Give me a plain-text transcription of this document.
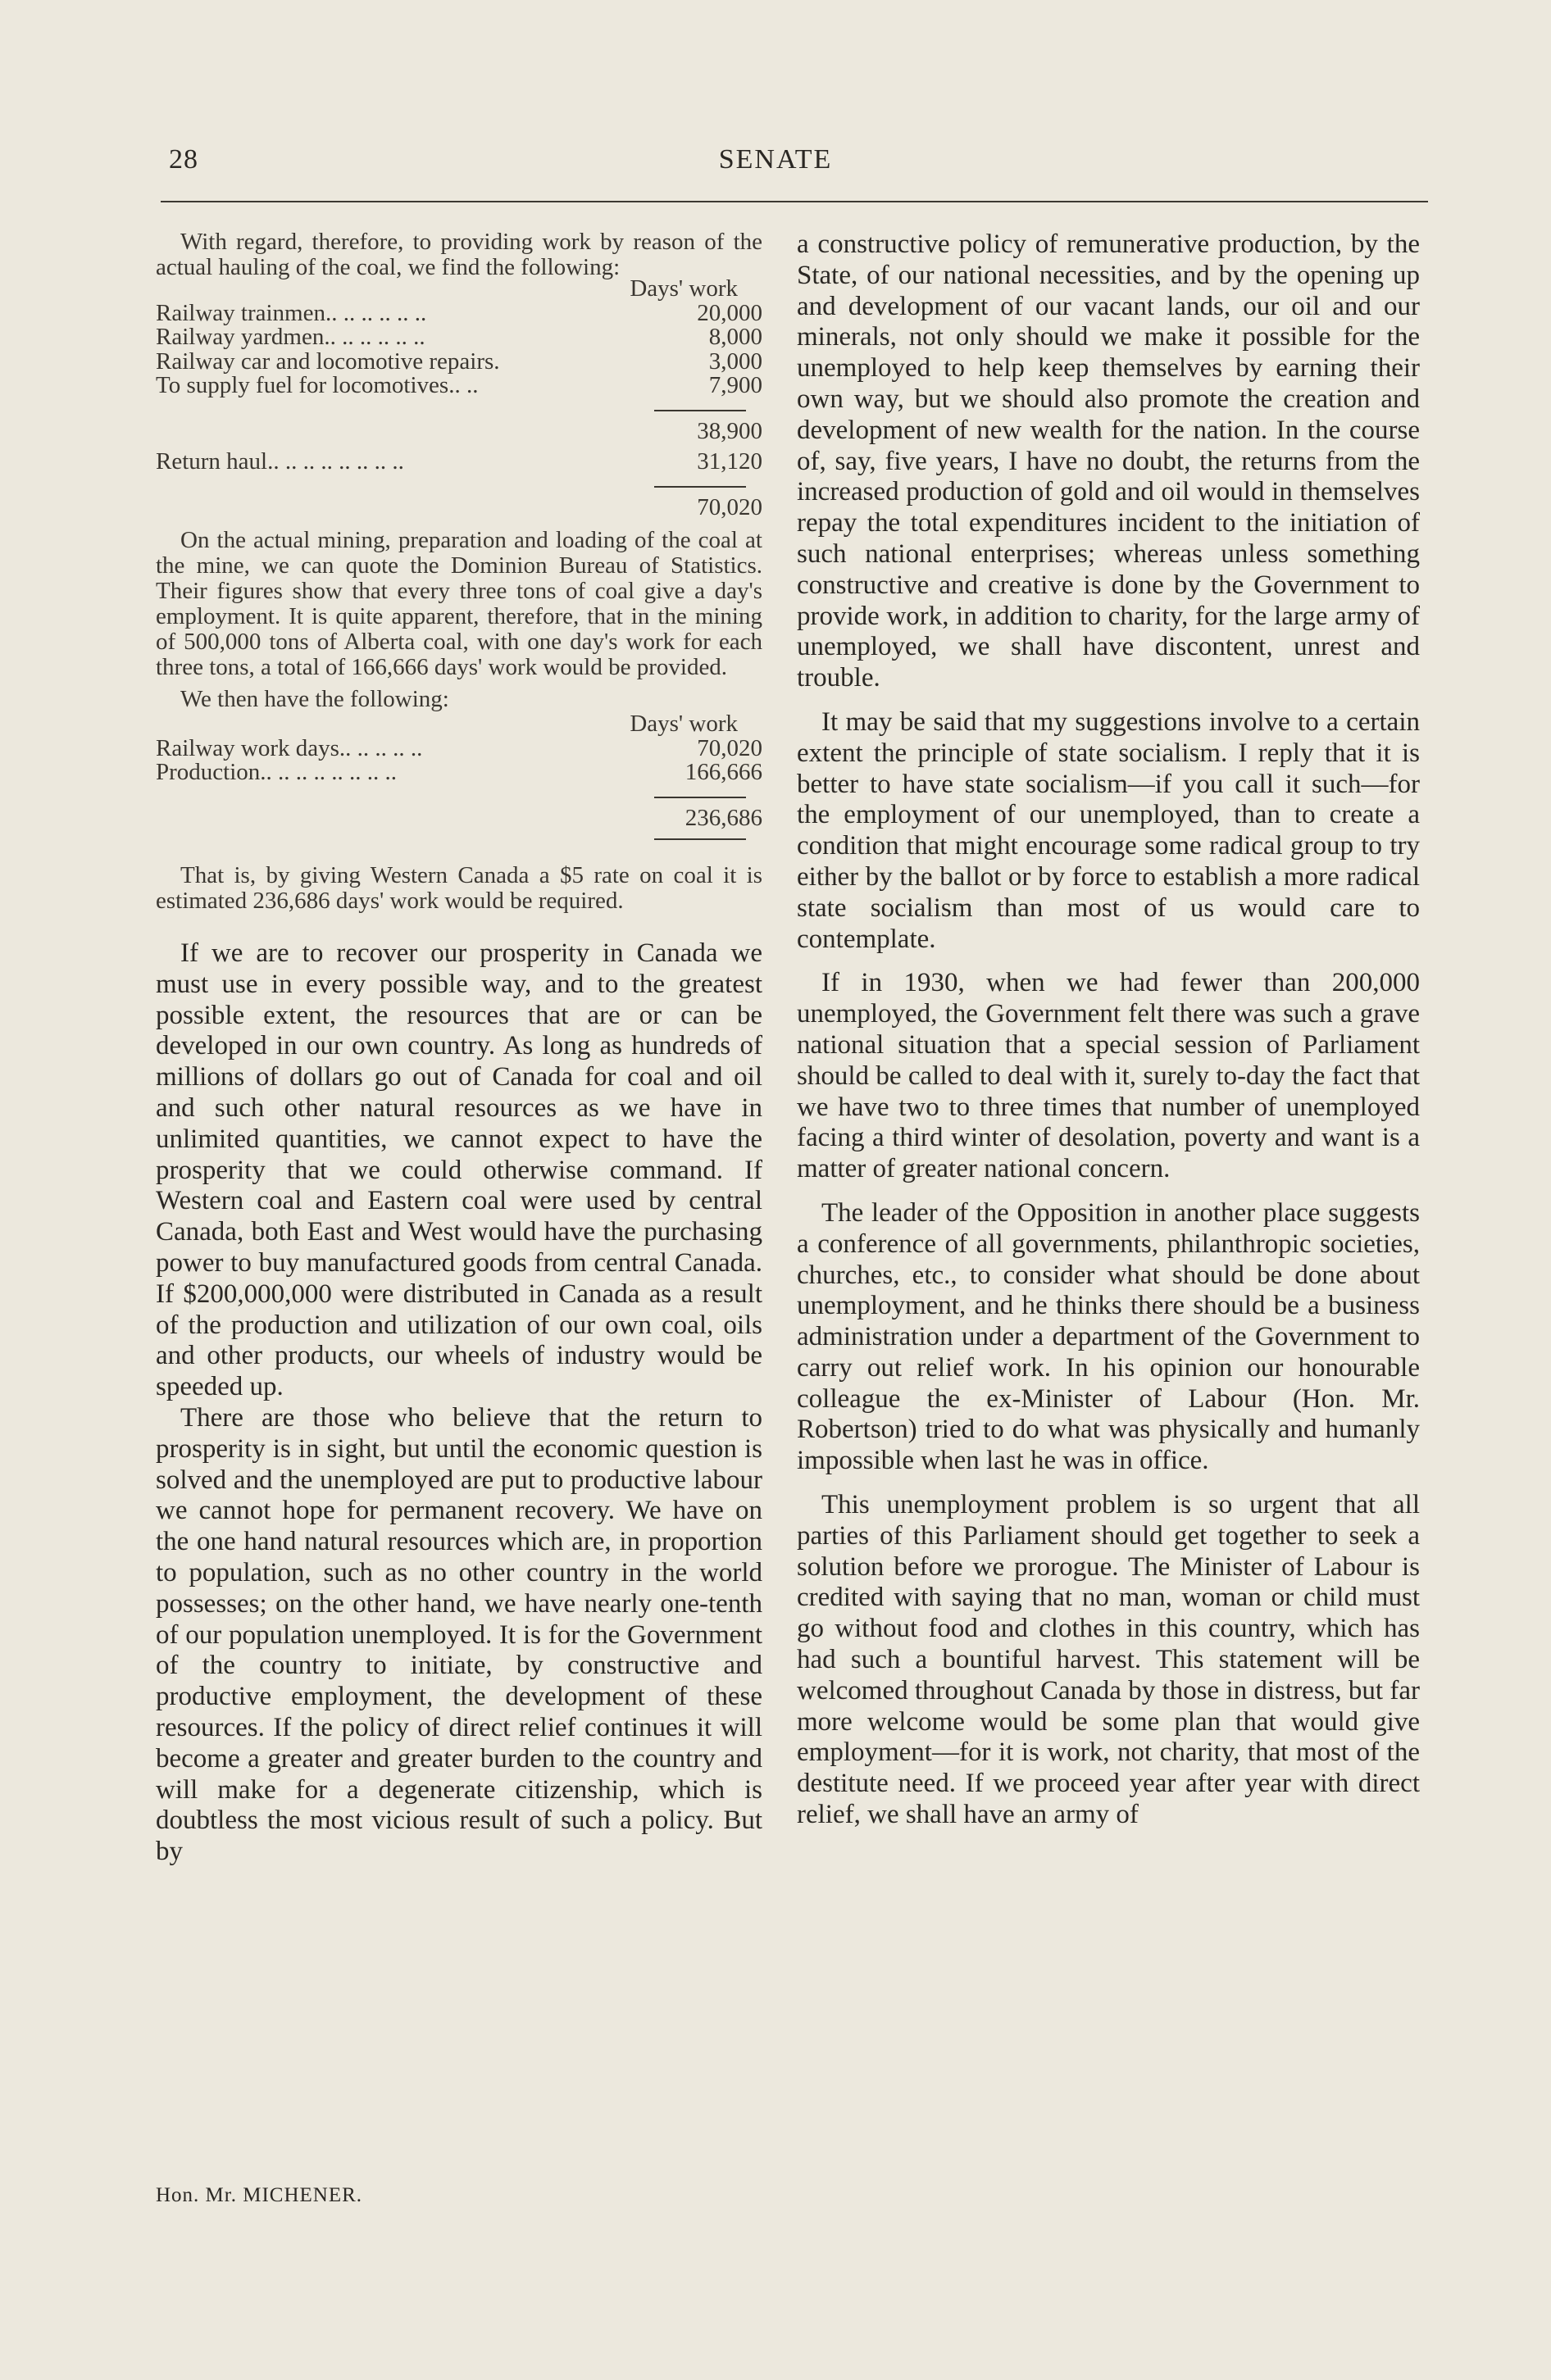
28	SENATE

With regard, therefore, to providing work by reason of the actual hauling of the coal, we find the following:

Days' work
Railway trainmen.. .. .. .. .. ..	20,000
Railway yardmen.. .. .. .. .. ..	8,000
Railway car and locomotive repairs.	3,000
To supply fuel for locomotives.. ..	7,900
38,900
Return haul.. .. .. .. .. .. .. ..	31,120
70,020

On the actual mining, preparation and loading of the coal at the mine, we can quote the Dominion Bureau of Statistics. Their figures show that every three tons of coal give a day's employment. It is quite apparent, therefore, that in the mining of 500,000 tons of Alberta coal, with one day's work for each three tons, a total of 166,666 days' work would be provided.

We then have the following:

Days' work
Railway work days.. .. .. .. ..	70,020
Production.. .. .. .. .. .. .. ..	166,666
236,686

That is, by giving Western Canada a $5 rate on coal it is estimated 236,686 days' work would be required.

If we are to recover our prosperity in Canada we must use in every possible way, and to the greatest possible extent, the resources that are or can be developed in our own country. As long as hundreds of millions of dollars go out of Canada for coal and oil and such other natural resources as we have in unlimited quantities, we cannot expect to have the prosperity that we could otherwise command. If Western coal and Eastern coal were used by central Canada, both East and West would have the purchasing power to buy manufactured goods from central Canada. If $200,000,000 were distributed in Canada as a result of the production and utilization of our own coal, oils and other products, our wheels of industry would be speeded up.

There are those who believe that the return to prosperity is in sight, but until the economic question is solved and the unemployed are put to productive labour we cannot hope for permanent recovery. We have on the one hand natural resources which are, in proportion to population, such as no other country in the world possesses; on the other hand, we have nearly one-tenth of our population unemployed. It is for the Government of the country to initiate, by constructive and productive employment, the development of these resources. If the policy of direct relief continues it will become a greater and greater burden to the country and will make for a degenerate citizenship, which is doubtless the most vicious result of such a policy. But by

Hon. Mr. MICHENER.

a constructive policy of remunerative production, by the State, of our national necessities, and by the opening up and development of our vacant lands, our oil and our minerals, not only should we make it possible for the unemployed to help keep themselves by earning their own way, but we should also promote the creation and development of new wealth for the nation. In the course of, say, five years, I have no doubt, the returns from the increased production of gold and oil would in themselves repay the total expenditures incident to the initiation of such national enterprises; whereas unless something constructive and creative is done by the Government to provide work, in addition to charity, for the large army of unemployed, we shall have discontent, unrest and trouble.

It may be said that my suggestions involve to a certain extent the principle of state socialism. I reply that it is better to have state socialism—if you call it such—for the employment of our unemployed, than to create a condition that might encourage some radical group to try either by the ballot or by force to establish a more radical state socialism than most of us would care to contemplate.

If in 1930, when we had fewer than 200,000 unemployed, the Government felt there was such a grave national situation that a special session of Parliament should be called to deal with it, surely to-day the fact that we have two to three times that number of unemployed facing a third winter of desolation, poverty and want is a matter of greater national concern.

The leader of the Opposition in another place suggests a conference of all governments, philanthropic societies, churches, etc., to consider what should be done about unemployment, and he thinks there should be a business administration under a department of the Government to carry out relief work. In his opinion our honourable colleague the ex-Minister of Labour (Hon. Mr. Robertson) tried to do what was physically and humanly impossible when last he was in office.

This unemployment problem is so urgent that all parties of this Parliament should get together to seek a solution before we prorogue. The Minister of Labour is credited with saying that no man, woman or child must go without food and clothes in this country, which has had such a bountiful harvest. This statement will be welcomed throughout Canada by those in distress, but far more welcome would be some plan that would give employment—for it is work, not charity, that most of the destitute need. If we proceed year after year with direct relief, we shall have an army of
